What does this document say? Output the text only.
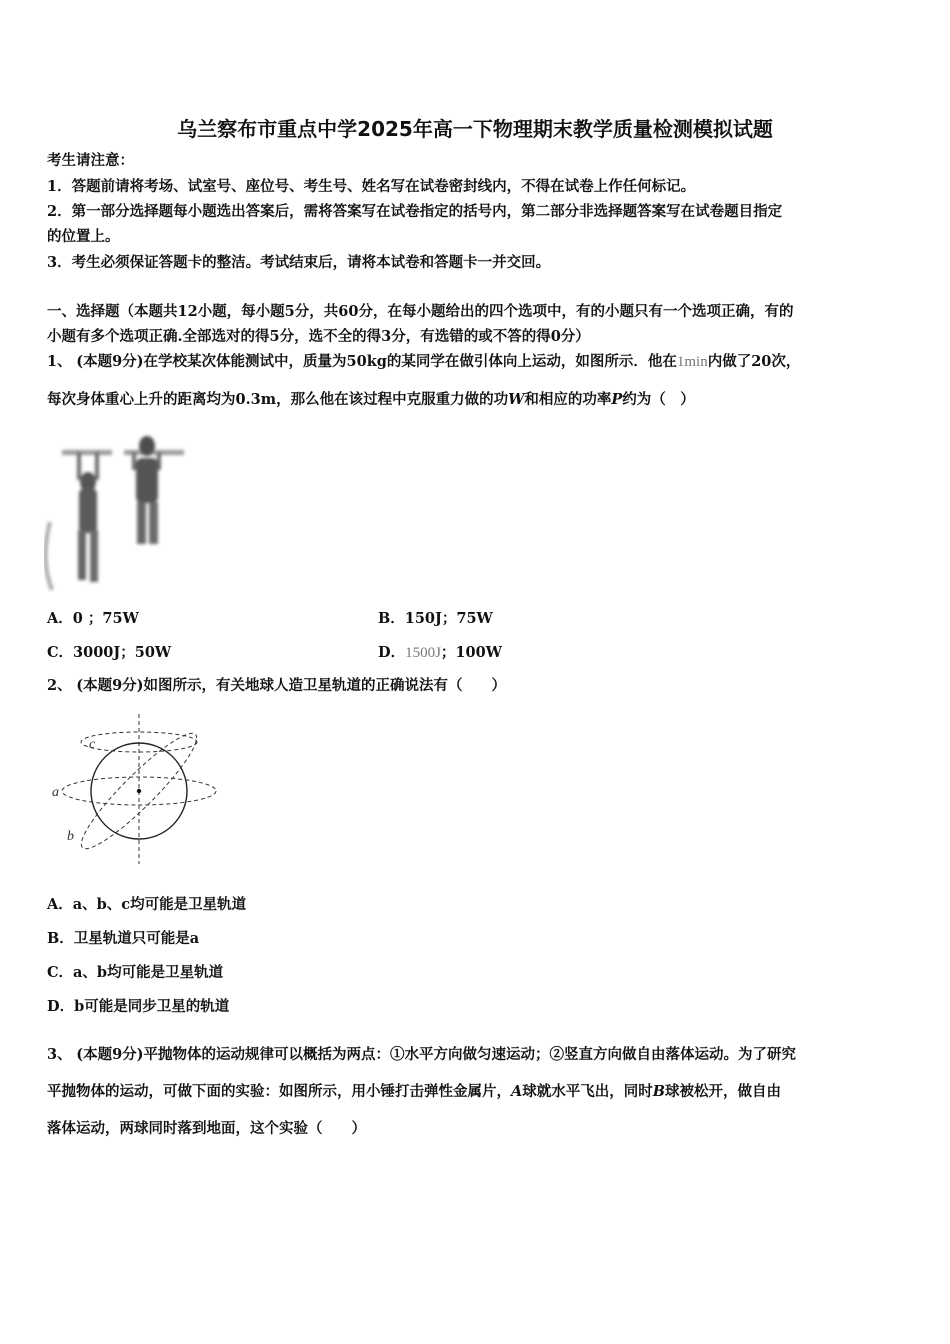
乌兰察布市重点中学2025年高一下物理期末教学质量检测模拟试题
考生请注意：
1．答题前请将考场、试室号、座位号、考生号、姓名写在试卷密封线内，不得在试卷上作任何标记。
2．第一部分选择题每小题选出答案后，需将答案写在试卷指定的括号内，第二部分非选择题答案写在试卷题目指定
的位置上。
3．考生必须保证答题卡的整洁。考试结束后，请将本试卷和答题卡一并交回。
一、选择题（本题共12小题，每小题5分，共60分，在每小题给出的四个选项中，有的小题只有一个选项正确，有的
小题有多个选项正确.全部选对的得5分，选不全的得3分，有选错的或不答的得0分）
1、 (本题9分)在学校某次体能测试中，质量为50kg的某同学在做引体向上运动，如图所示．他在1min内做了20次，
每次身体重心上升的距离均为0.3m，那么他在该过程中克服重力做的功W和相应的功率P约为（　）
A．0 ；75W	B．150J；75W
C．3000J；50W	D．1500J；100W
2、 (本题9分)如图所示，有关地球人造卫星轨道的正确说法有（　　）
a
b
c
A．a、b、c均可能是卫星轨道
B．卫星轨道只可能是a
C．a、b均可能是卫星轨道
D．b可能是同步卫星的轨道
3、 (本题9分)平抛物体的运动规律可以概括为两点：①水平方向做匀速运动；②竖直方向做自由落体运动。为了研究
平抛物体的运动，可做下面的实验：如图所示，用小锤打击弹性金属片，A球就水平飞出，同时B球被松开，做自由
落体运动，两球同时落到地面，这个实验（　　）
